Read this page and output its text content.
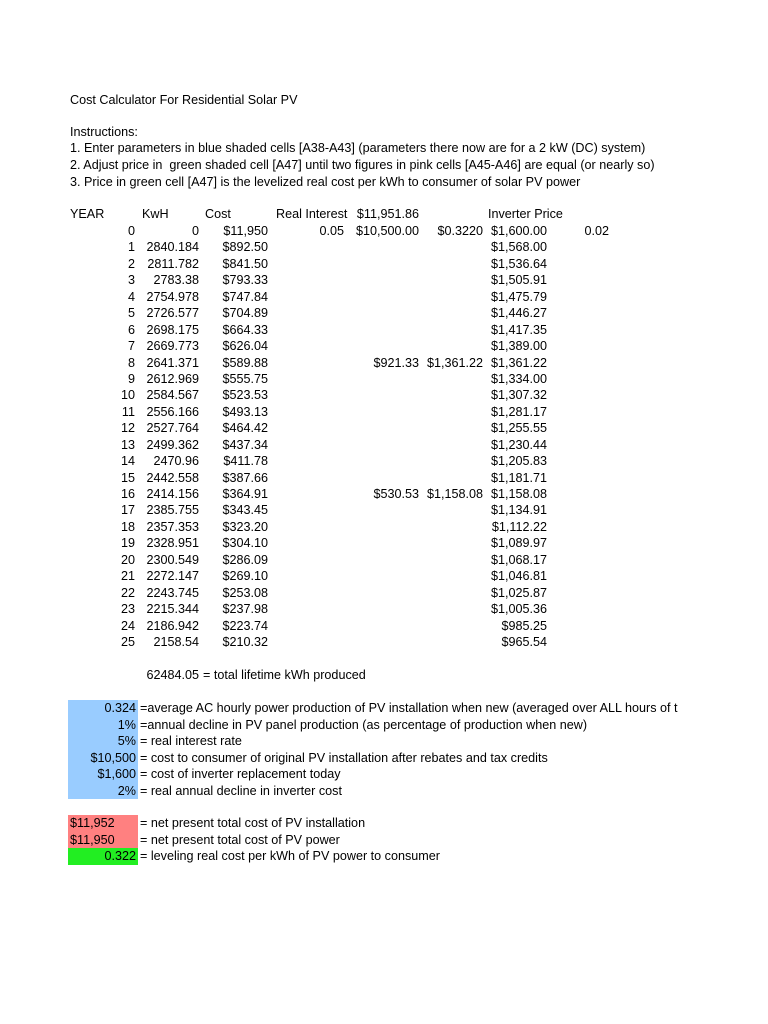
Cost Calculator For Residential Solar PV
Instructions:
1. Enter parameters in blue shaded cells [A38-A43] (parameters there now are for a 2 kW (DC) system)
2. Adjust price in  green shaded cell [A47] until two figures in pink cells [A45-A46] are equal (or nearly so)
3. Price in green cell [A47] is the levelized real cost per kWh to consumer of solar PV power
YEAR	KwH	Cost	Real Interest $11,951.86	Inverter Price
0	0 $11,950	0.05 $10,500.00 $0.3220 $1,600.00	0.02
1 2840.184 $892.50	$1,568.00
2 2811.782 $841.50	$1,536.64
3 2783.38 $793.33	$1,505.91
4 2754.978 $747.84	$1,475.79
5 2726.577 $704.89	$1,446.27
6 2698.175 $664.33	$1,417.35
7 2669.773 $626.04	$1,389.00
8 2641.371 $589.88	$921.33 $1,361.22 $1,361.22
9 2612.969 $555.75	$1,334.00
10 2584.567 $523.53	$1,307.32
11 2556.166 $493.13	$1,281.17
12 2527.764 $464.42	$1,255.55
13 2499.362 $437.34	$1,230.44
14 2470.96 $411.78	$1,205.83
15 2442.558 $387.66	$1,181.71
16 2414.156 $364.91	$530.53 $1,158.08 $1,158.08
17 2385.755 $343.45	$1,134.91
18 2357.353 $323.20	$1,112.22
19 2328.951 $304.10	$1,089.97
20 2300.549 $286.09	$1,068.17
21 2272.147 $269.10	$1,046.81
22 2243.745 $253.08	$1,025.87
23 2215.344 $237.98	$1,005.36
24 2186.942 $223.74	$985.25
25 2158.54 $210.32	$965.54
62484.05 = total lifetime kWh produced
0.324 =average AC hourly power production of PV installation when new (averaged over ALL hours of t
1% =annual decline in PV panel production (as percentage of production when new)
5% = real interest rate
$10,500 = cost to consumer of original PV installation after rebates and tax credits
$1,600 = cost of inverter replacement today
2% = real annual decline in inverter cost
$11,952	= net present total cost of PV installation
$11,950	= net present total cost of PV power
0.322 = leveling real cost per kWh of PV power to consumer
